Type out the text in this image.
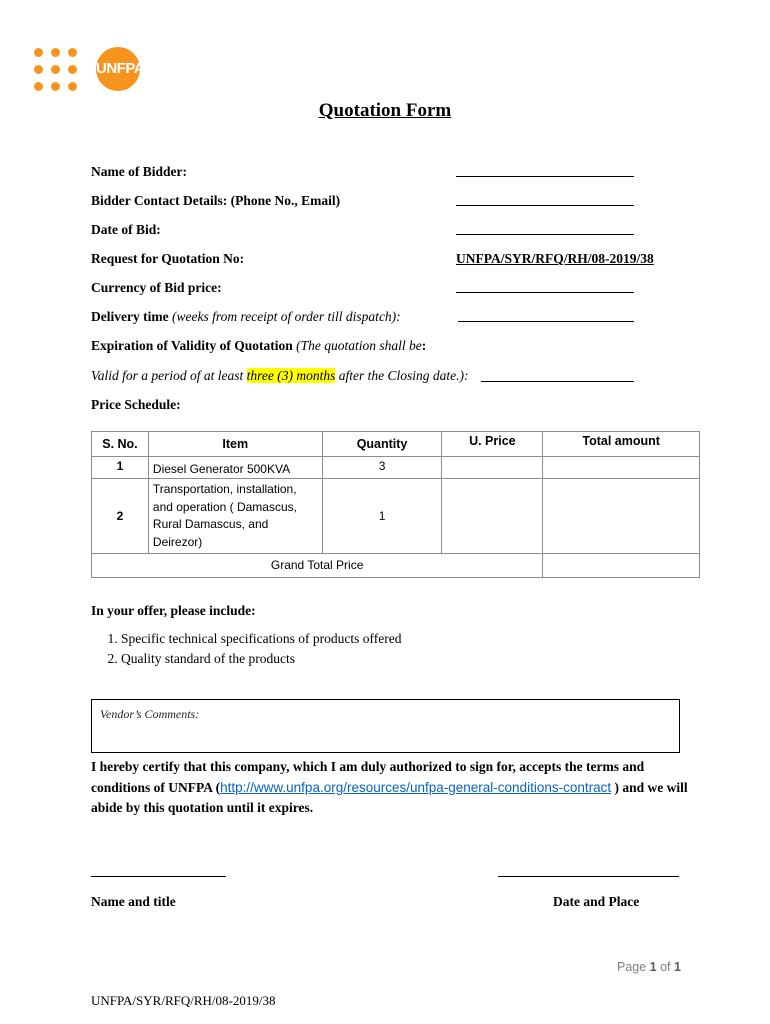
UNFPA
Quotation Form
Name of Bidder:
Bidder Contact Details: (Phone No., Email)
Date of Bid:
Request for Quotation No:	UNFPA/SYR/RFQ/RH/08-2019/38
Currency of Bid price:
Delivery time (weeks from receipt of order till dispatch):
Expiration of Validity of Quotation (The quotation shall be:
Valid for a period of at least three (3) months after the Closing date.):
Price Schedule:
S. No.	Item	Quantity	U. Price	Total amount
1	Diesel Generator 500KVA	3		
2	Transportation, installation, and operation ( Damascus, Rural Damascus, and Deirezor)	1		
Grand Total Price				
In your offer, please include:
1. Specific technical specifications of products offered
2. Quality standard of the products
Vendor’s Comments:
I hereby certify that this company, which I am duly authorized to sign for, accepts the terms and conditions of UNFPA (http://www.unfpa.org/resources/unfpa-general-conditions-contract ) and we will abide by this quotation until it expires.
Name and title	Date and Place
Page 1 of 1
UNFPA/SYR/RFQ/RH/08-2019/38
